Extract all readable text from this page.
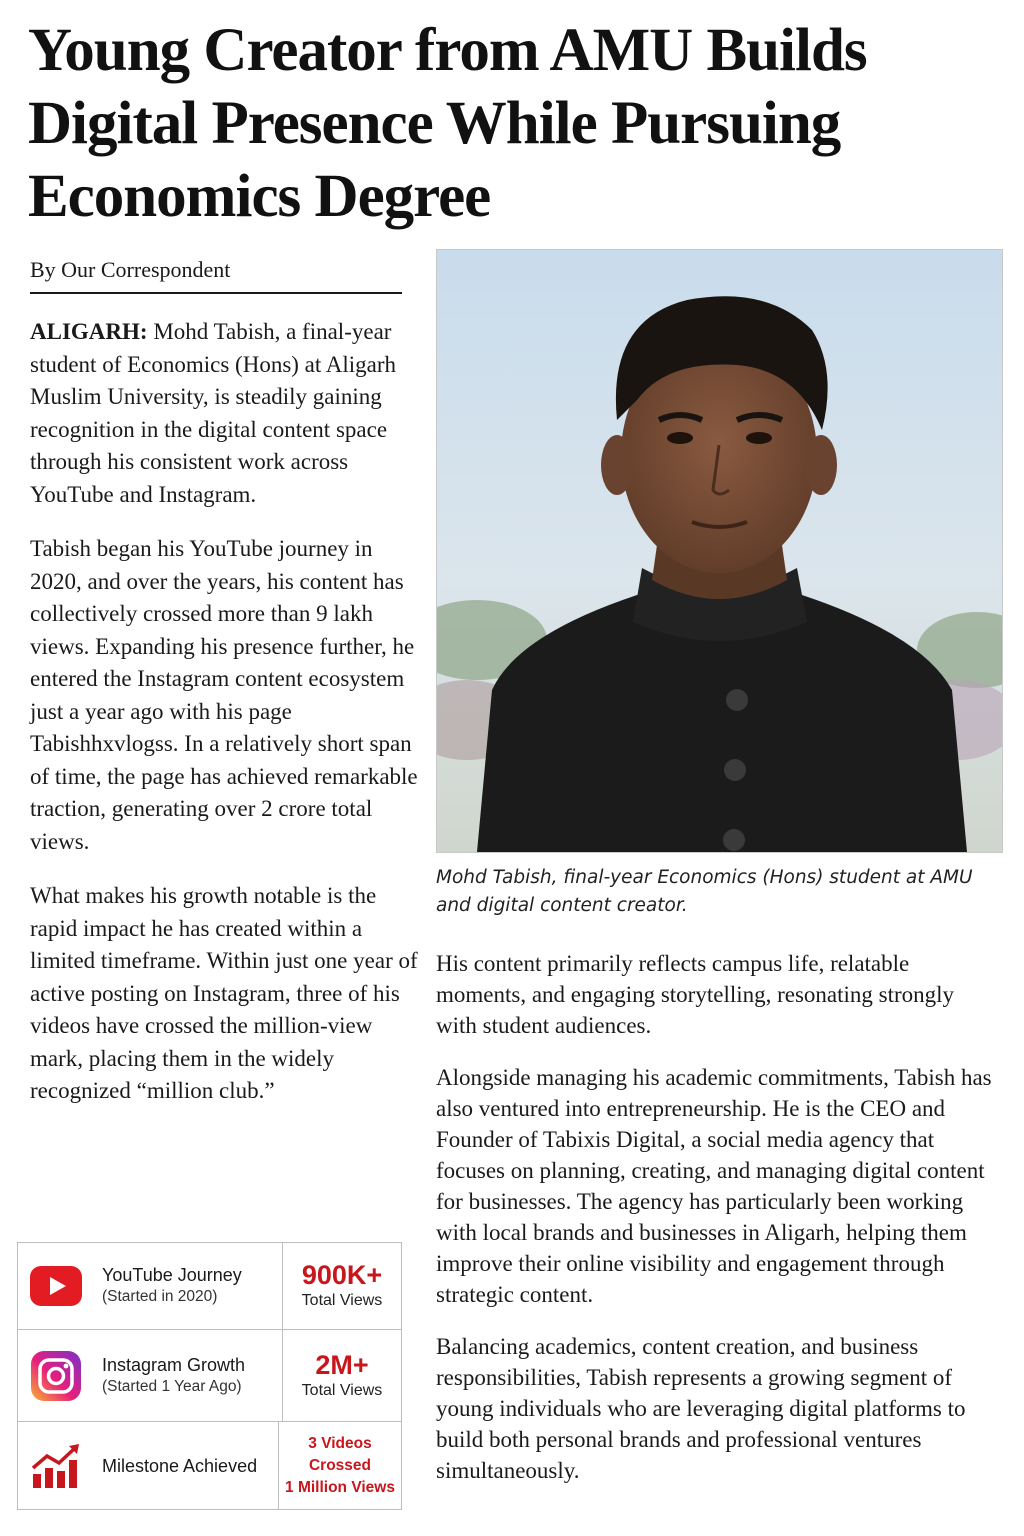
Young Creator from AMU Builds Digital Presence While Pursuing Economics Degree
By Our Correspondent

ALIGARH: Mohd Tabish, a final-year student of Economics (Hons) at Aligarh Muslim University, is steadily gaining recognition in the digital content space through his consistent work across YouTube and Instagram.

Tabish began his YouTube journey in 2020, and over the years, his content has collectively crossed more than 9 lakh views. Expanding his presence further, he entered the Instagram content ecosystem just a year ago with his page Tabishhxvlogss. In a relatively short span of time, the page has achieved remarkable traction, generating over 2 crore total views.

What makes his growth notable is the rapid impact he has created within a limited timeframe. Within just one year of active posting on Instagram, three of his videos have crossed the million-view mark, placing them in the widely recognized “million club.”

Mohd Tabish, final-year Economics (Hons) student at AMU and digital content creator.

His content primarily reflects campus life, relatable moments, and engaging storytelling, resonating strongly with student audiences.

Alongside managing his academic commitments, Tabish has also ventured into entrepreneurship. He is the CEO and Founder of Tabixis Digital, a social media agency that focuses on planning, creating, and managing digital content for businesses. The agency has particularly been working with local brands and businesses in Aligarh, helping them improve their online visibility and engagement through strategic content.

Balancing academics, content creation, and business responsibilities, Tabish represents a growing segment of young individuals who are leveraging digital platforms to build both personal brands and professional ventures simultaneously.

YouTube Journey
(Started in 2020)
900K+
Total Views
Instagram Growth
(Started 1 Year Ago)
2M+
Total Views
Milestone Achieved
3 Videos Crossed
1 Million Views
